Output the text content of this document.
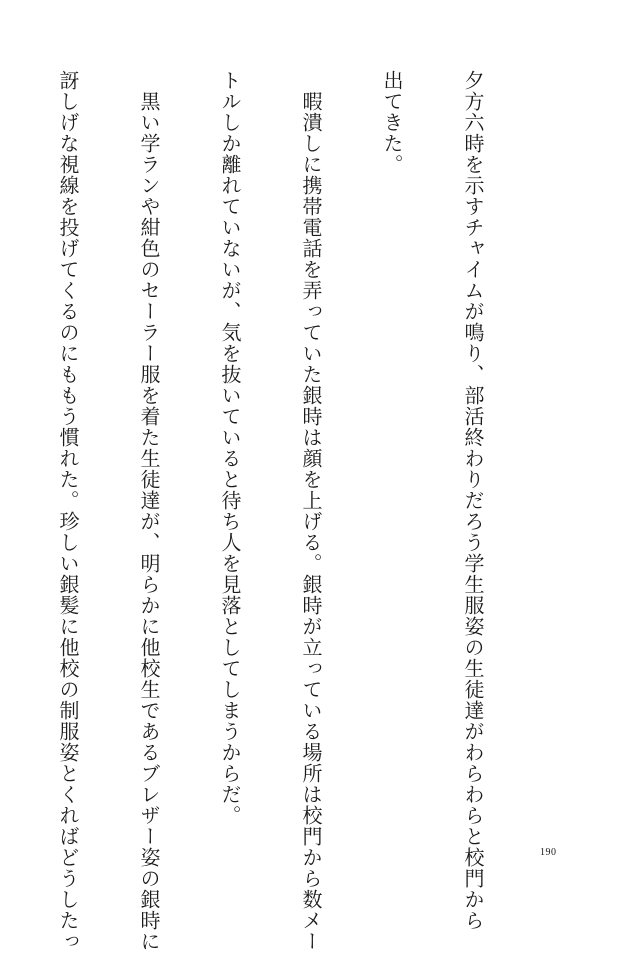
夕方六時を示すチャイムが鳴り、部活終わりだろう学生服姿の生徒達がわらわらと校門から

出てきた。

　暇潰しに携帯電話を弄っていた銀時は顔を上げる。銀時が立っている場所は校門から数メー

トルしか離れていないが、気を抜いていると待ち人を見落としてしまうからだ。

　黒い学ランや紺色のセーラー服を着た生徒達が、明らかに他校生であるブレザー姿の銀時に

訝しげな視線を投げてくるのにももう慣れた。珍しい銀髪に他校の制服姿とくればどうしたっ

	190
